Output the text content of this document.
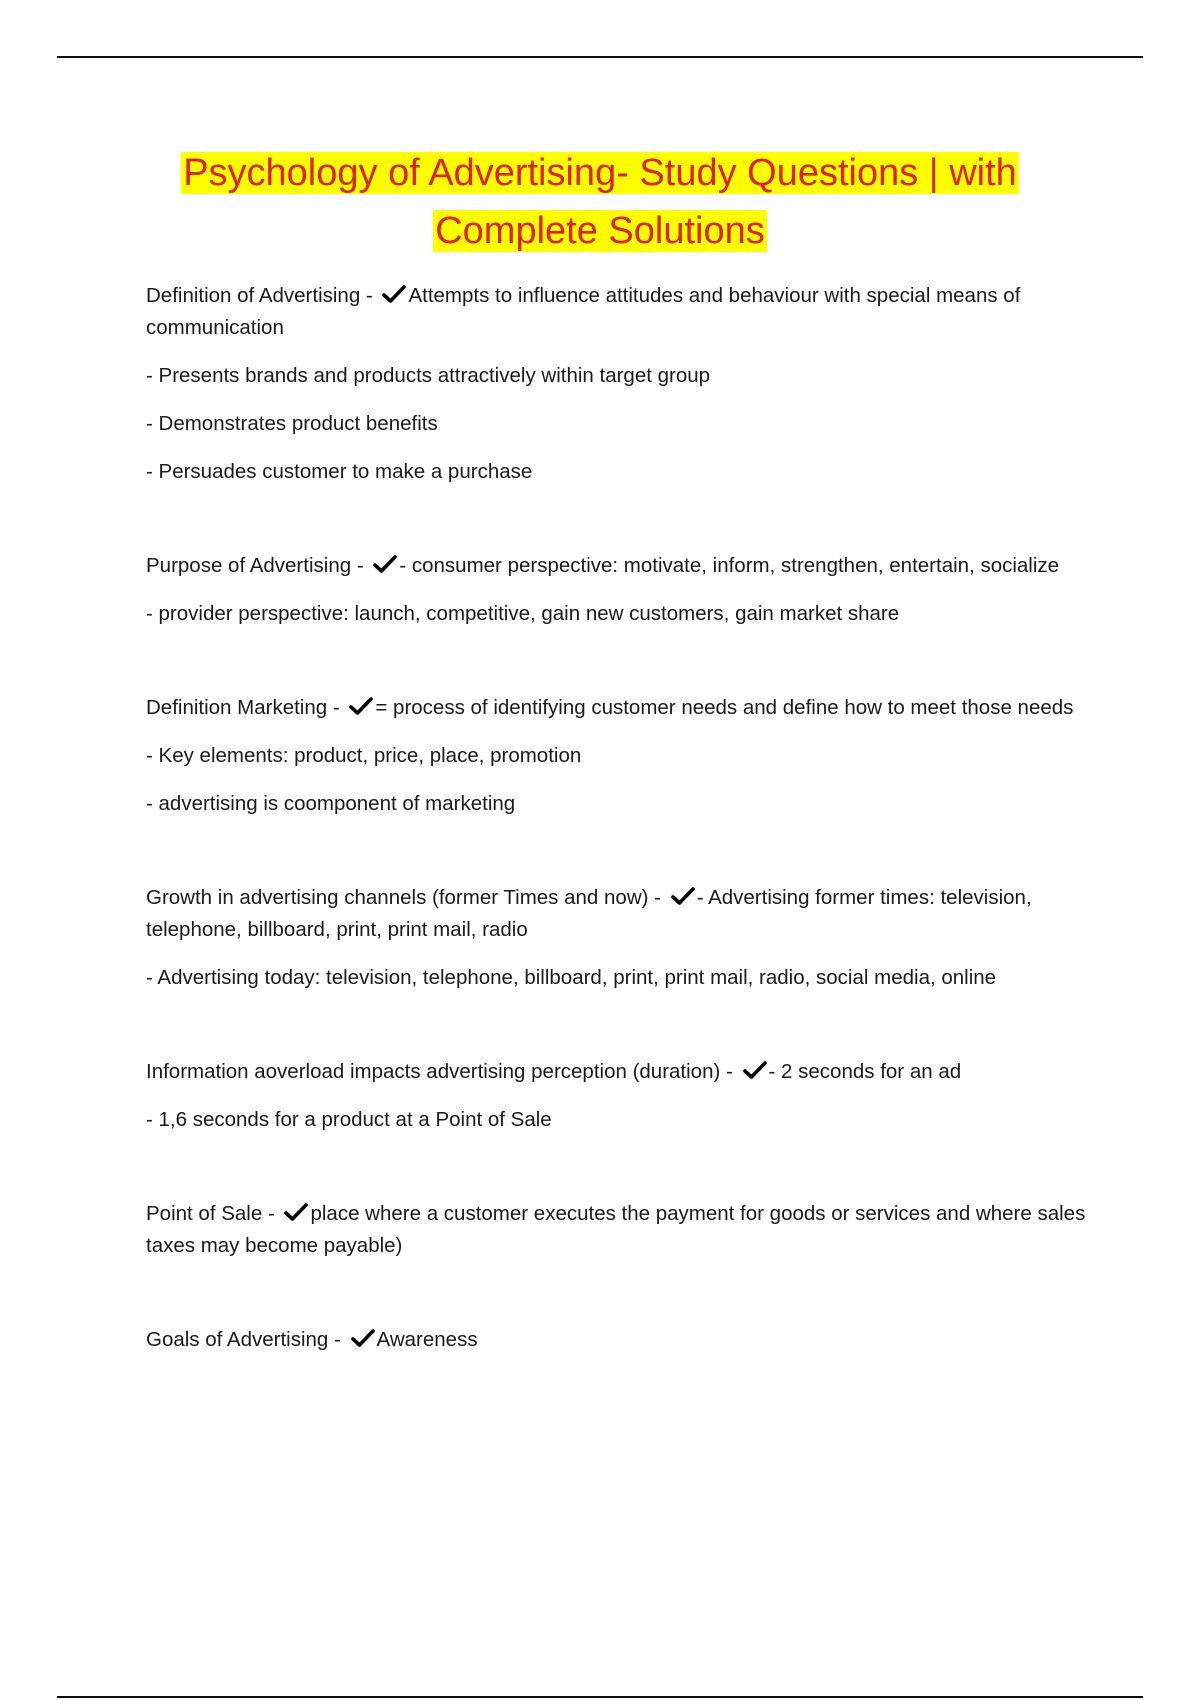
Psychology of Advertising- Study Questions | with
Complete Solutions

Definition of Advertising -
Attempts to influence attitudes and behaviour with special means of communication

- Presents brands and products attractively within target group

- Demonstrates product benefits

- Persuades customer to make a purchase

Purpose of Advertising -
- consumer perspective: motivate, inform, strengthen, entertain, socialize

- provider perspective: launch, competitive, gain new customers, gain market share

Definition Marketing -
= process of identifying customer needs and define how to meet those needs

- Key elements: product, price, place, promotion

- advertising is coomponent of marketing

Growth in advertising channels (former Times and now) -
- Advertising former times: television, telephone, billboard, print, print mail, radio

- Advertising today: television, telephone, billboard, print, print mail, radio, social media, online

Information aoverload impacts advertising perception (duration) -
- 2 seconds for an ad

- 1,6 seconds for a product at a Point of Sale

Point of Sale -
place where a customer executes the payment for goods or services and where sales taxes may become payable)

Goals of Advertising -
Awareness
